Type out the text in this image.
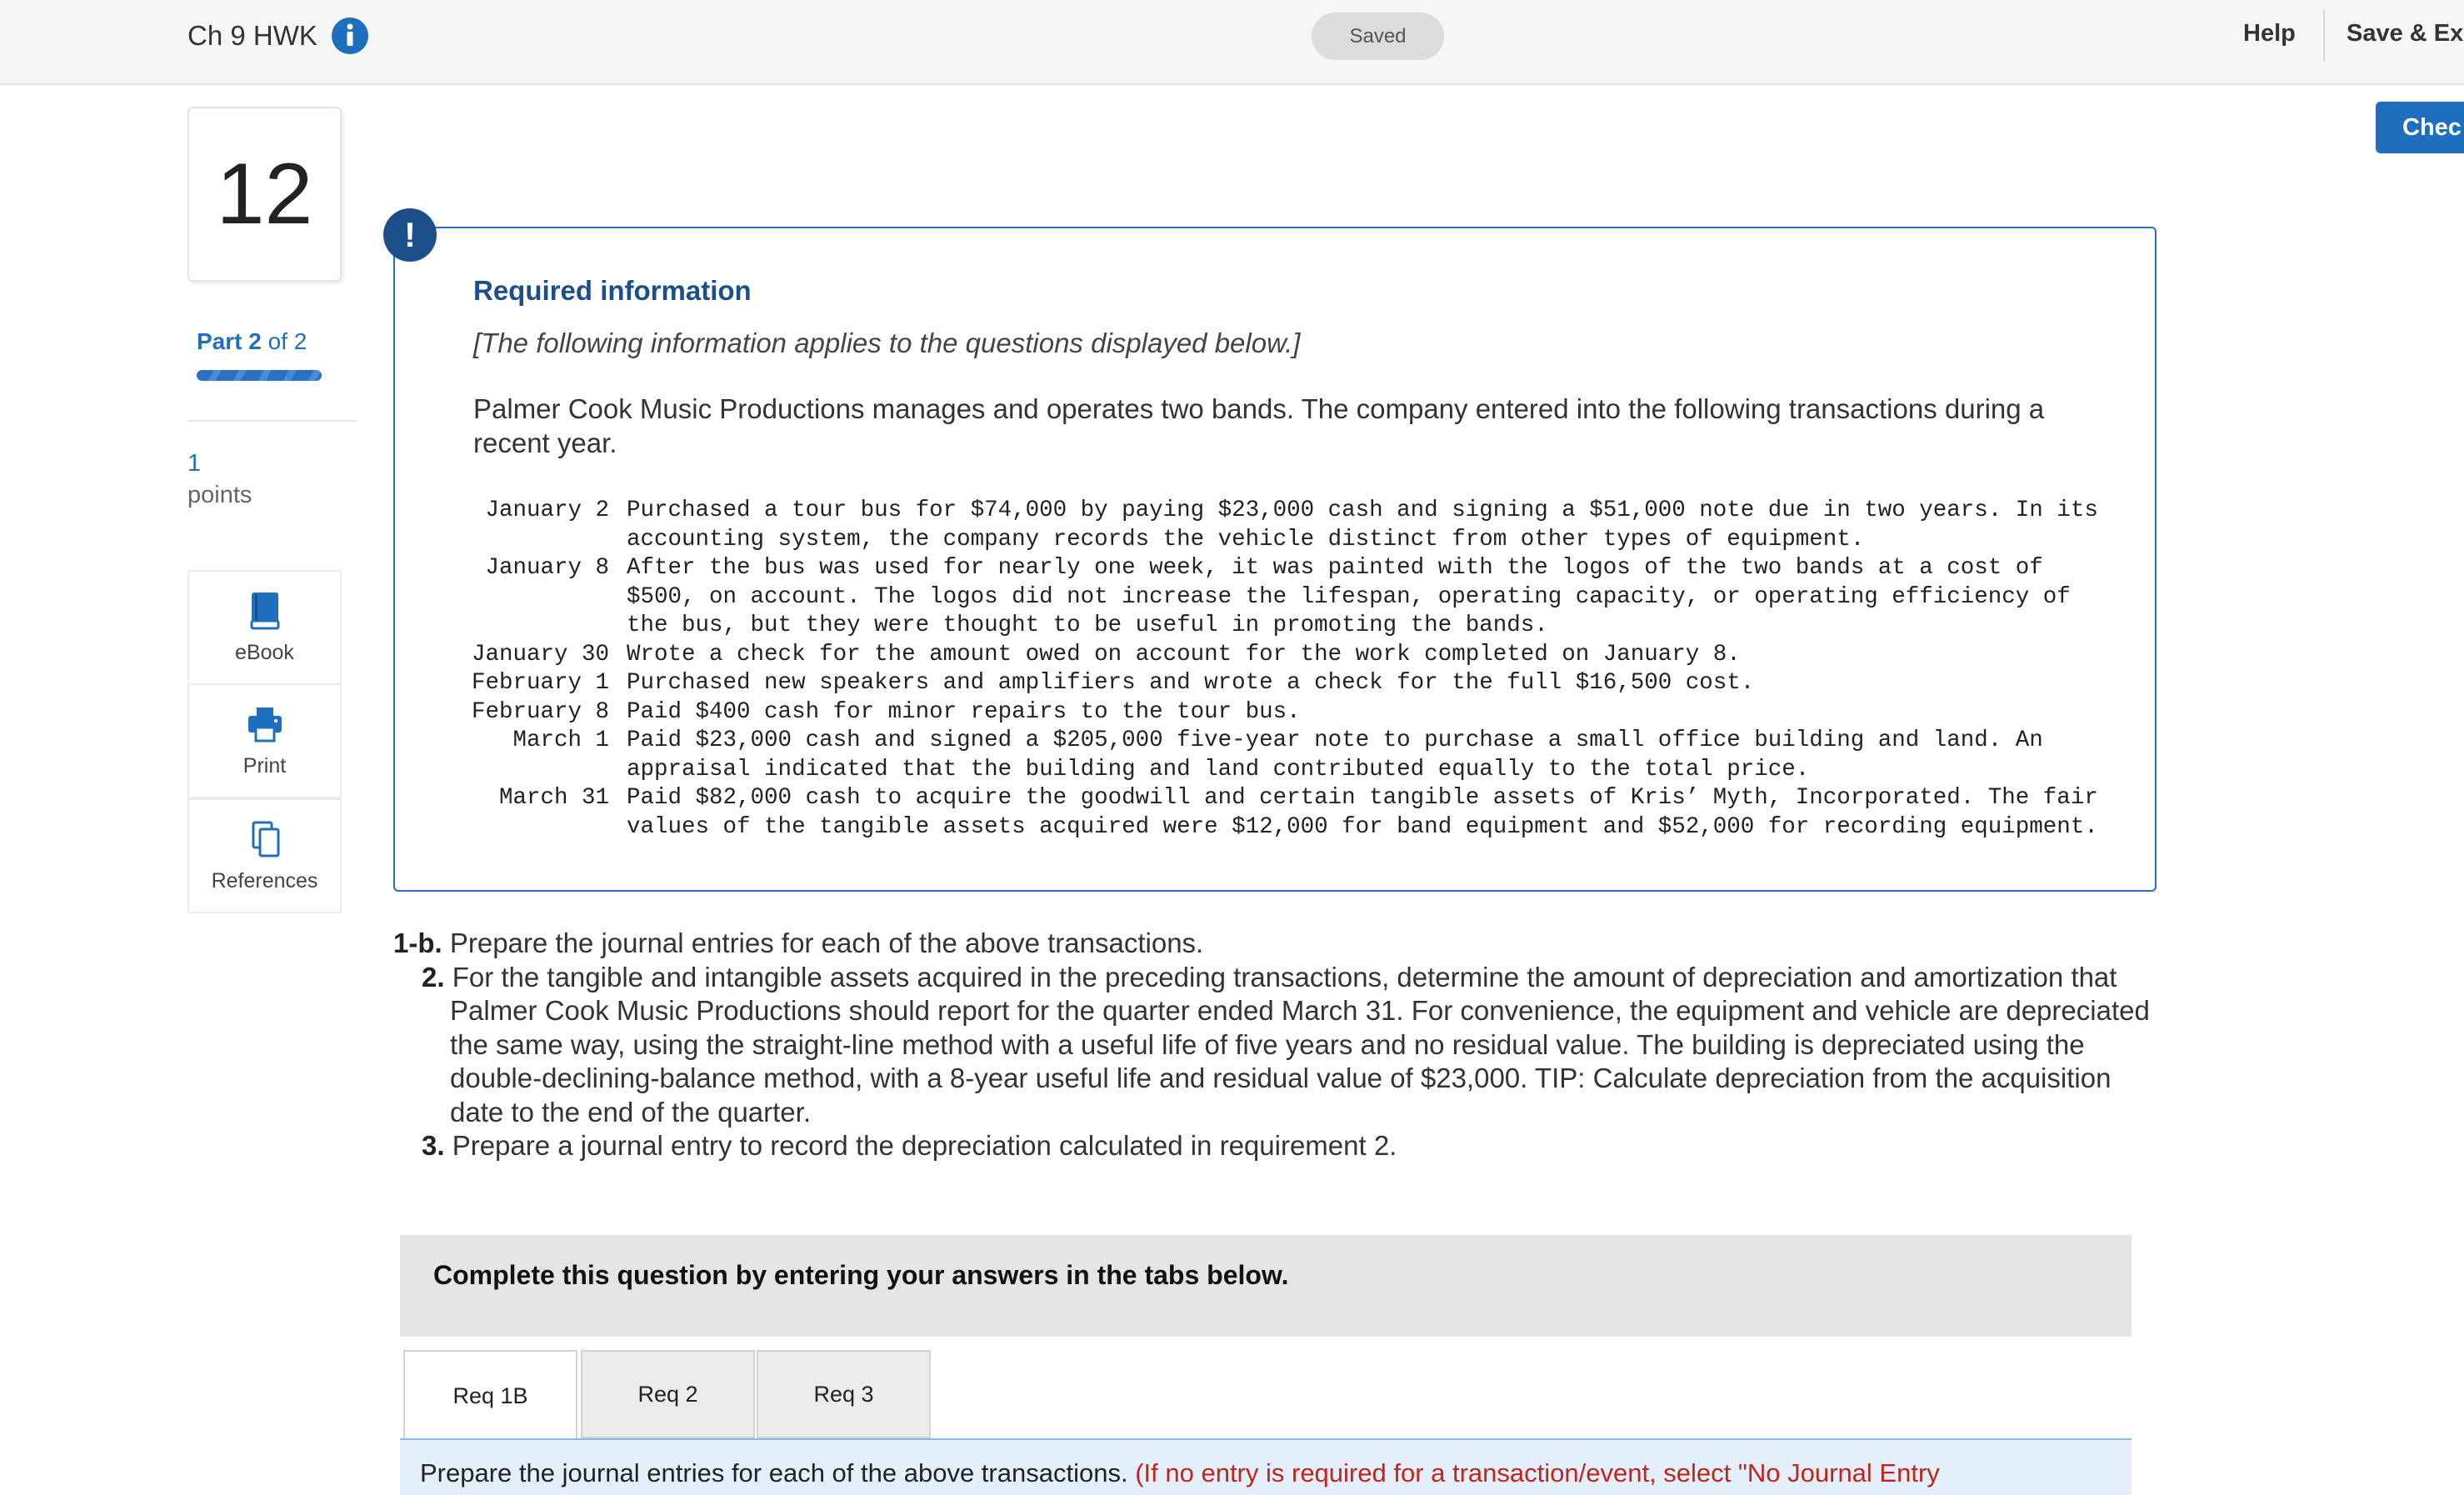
Ch 9 HWK	Saved	Help Save & Ex
Chec
12
Part 2 of 2
1
points
eBook
Print
References
!
Required information
[The following information applies to the questions displayed below.]
Palmer Cook Music Productions manages and operates two bands. The company entered into the following transactions during a recent year.
January 2	Purchased a tour bus for $74,000 by paying $23,000 cash and signing a $51,000 note due in two years. In its
accounting system, the company records the vehicle distinct from other types of equipment.

January 8	After the bus was used for nearly one week, it was painted with the logos of the two bands at a cost of
$500, on account. The logos did not increase the lifespan, operating capacity, or operating efficiency of
the bus, but they were thought to be useful in promoting the bands.

January 30	Wrote a check for the amount owed on account for the work completed on January 8.

February 1	Purchased new speakers and amplifiers and wrote a check for the full $16,500 cost.

February 8	Paid $400 cash for minor repairs to the tour bus.

March 1	Paid $23,000 cash and signed a $205,000 five-year note to purchase a small office building and land. An
appraisal indicated that the building and land contributed equally to the total price.

March 31	Paid $82,000 cash to acquire the goodwill and certain tangible assets of Kris’ Myth, Incorporated. The fair
values of the tangible assets acquired were $12,000 for band equipment and $52,000 for recording equipment.
1-b. Prepare the journal entries for each of the above transactions.
2. For the tangible and intangible assets acquired in the preceding transactions, determine the amount of depreciation and amortization that Palmer Cook Music Productions should report for the quarter ended March 31. For convenience, the equipment and vehicle are depreciated the same way, using the straight-line method with a useful life of five years and no residual value. The building is depreciated using the double-declining-balance method, with a 8-year useful life and residual value of $23,000. TIP: Calculate depreciation from the acquisition date to the end of the quarter.
3. Prepare a journal entry to record the depreciation calculated in requirement 2.
Complete this question by entering your answers in the tabs below.
Req 1B	Req 2	Req 3
Prepare the journal entries for each of the above transactions. (If no entry is required for a transaction/event, select "No Journal Entry
